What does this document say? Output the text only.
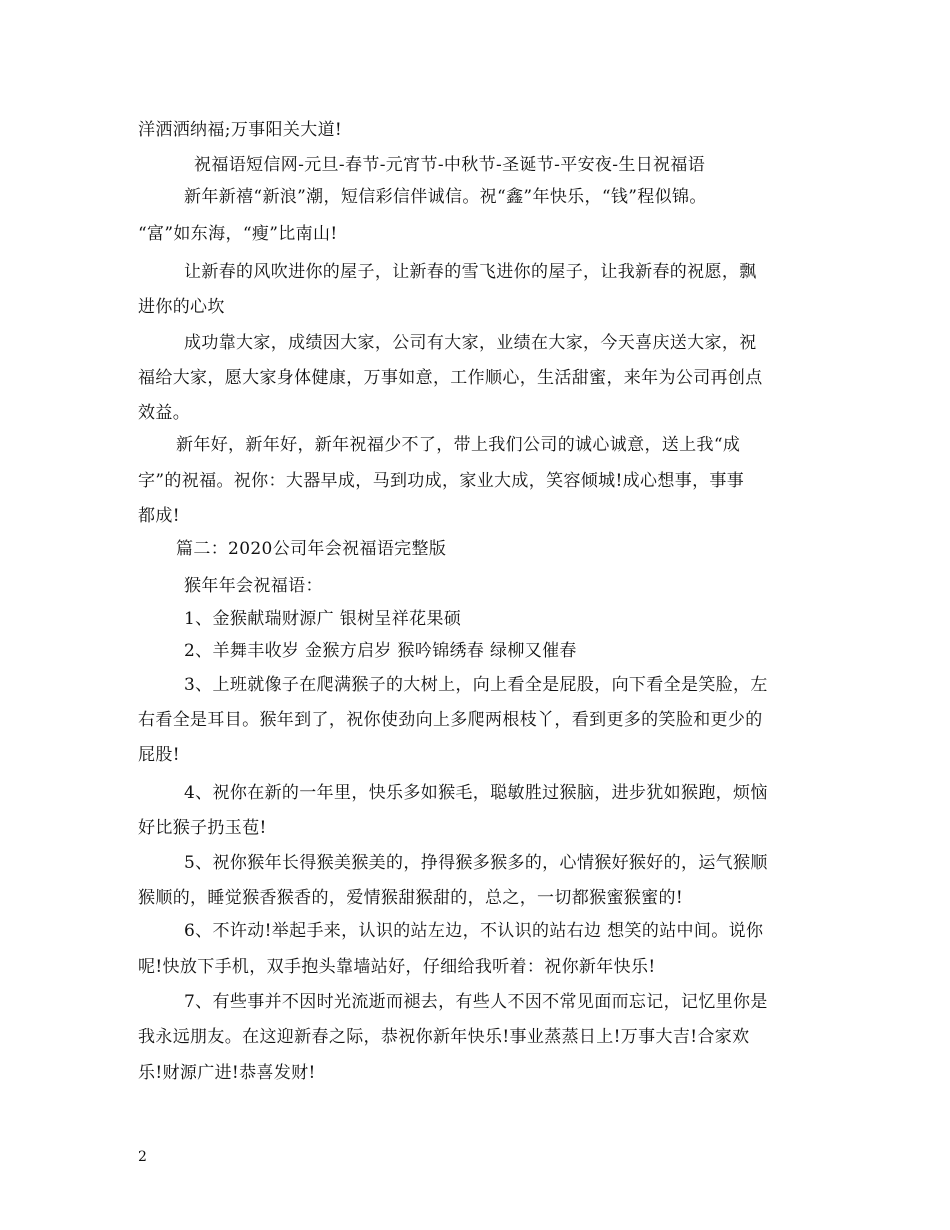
洋洒洒纳福;万事阳关大道!
祝福语短信网-元旦-春节-元宵节-中秋节-圣诞节-平安夜-生日祝福语
新年新禧“新浪”潮，短信彩信伴诚信。祝“鑫”年快乐，“钱”程似锦。
“富”如东海，“瘦”比南山!
让新春的风吹进你的屋子，让新春的雪飞进你的屋子，让我新春的祝愿，飘
进你的心坎
成功靠大家，成绩因大家，公司有大家，业绩在大家，今天喜庆送大家，祝
福给大家，愿大家身体健康，万事如意，工作顺心，生活甜蜜，来年为公司再创点
效益。
新年好，新年好，新年祝福少不了，带上我们公司的诚心诚意，送上我“成
字”的祝福。祝你：大器早成，马到功成，家业大成，笑容倾城!成心想事，事事
都成!
篇二：2020公司年会祝福语完整版
猴年年会祝福语：
1、金猴献瑞财源广 银树呈祥花果硕
2、羊舞丰收岁 金猴方启岁 猴吟锦绣春 绿柳又催春
3、上班就像子在爬满猴子的大树上，向上看全是屁股，向下看全是笑脸，左
右看全是耳目。猴年到了，祝你使劲向上多爬两根枝丫，看到更多的笑脸和更少的
屁股!
4、祝你在新的一年里，快乐多如猴毛，聪敏胜过猴脑，进步犹如猴跑，烦恼
好比猴子扔玉苞!
5、祝你猴年长得猴美猴美的，挣得猴多猴多的，心情猴好猴好的，运气猴顺
猴顺的，睡觉猴香猴香的，爱情猴甜猴甜的，总之，一切都猴蜜猴蜜的!
6、不许动!举起手来，认识的站左边，不认识的站右边 想笑的站中间。说你
呢!快放下手机，双手抱头靠墙站好，仔细给我听着：祝你新年快乐!
7、有些事并不因时光流逝而褪去，有些人不因不常见面而忘记，记忆里你是
我永远朋友。在这迎新春之际，恭祝你新年快乐!事业蒸蒸日上!万事大吉!合家欢
乐!财源广进!恭喜发财!
2
